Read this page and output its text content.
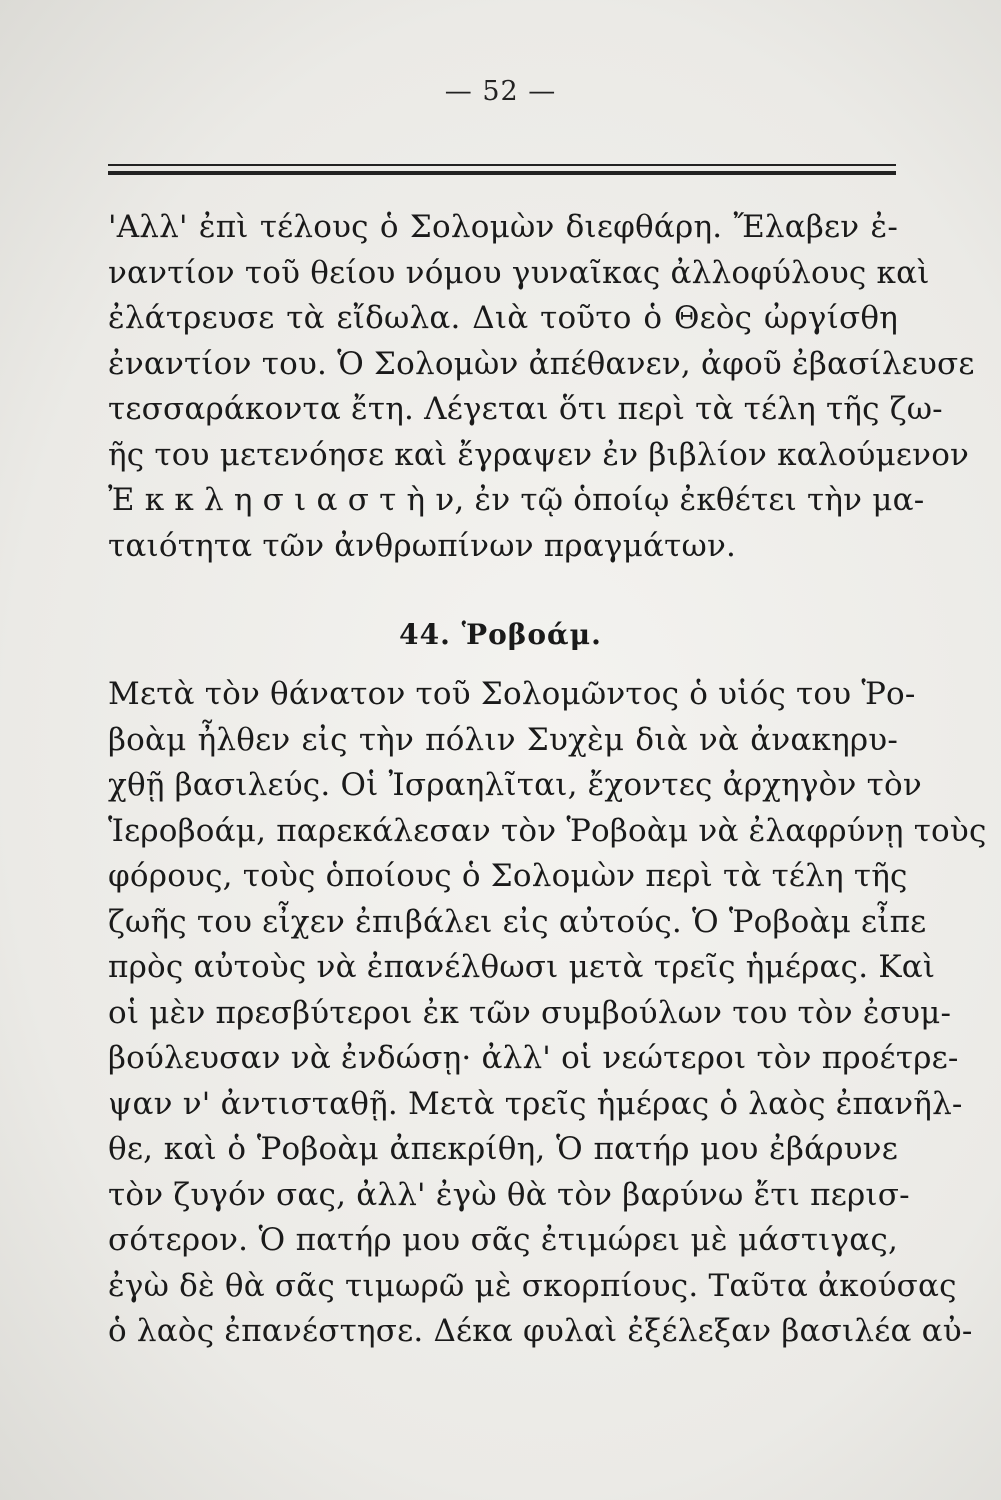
— 52 —
'Αλλ' ἐπὶ τέλους ὁ Σολομὼν διεφθάρη. Ἔλαβεν ἐ-
ναντίον τοῦ θείου νόμου γυναῖκας ἀλλοφύλους καὶ
ἐλάτρευσε τὰ εἴδωλα. Διὰ τοῦτο ὁ Θεὸς ὠργίσθη
ἐναντίον του. Ὁ Σολομὼν ἀπέθανεν, ἀφοῦ ἐβασίλευσε
τεσσαράκοντα ἔτη. Λέγεται ὅτι περὶ τὰ τέλη τῆς ζω-
ῆς του μετενόησε καὶ ἔγραψεν ἐν βιβλίον καλούμενον
Ἐ κ κ λ η σ ι α σ τ ὴ ν, ἐν τῷ ὁποίῳ ἐκθέτει τὴν μα-
ταιότητα τῶν ἀνθρωπίνων πραγμάτων.
44. Ῥοβοάμ.
Μετὰ τὸν θάνατον τοῦ Σολομῶντος ὁ υἱός του Ῥο-
βοὰμ ἦλθεν εἰς τὴν πόλιν Συχὲμ διὰ νὰ ἀνακηρυ-
χθῇ βασιλεύς. Οἱ Ἰσραηλῖται, ἔχοντες ἀρχηγὸν τὸν
Ἱεροβοάμ, παρεκάλεσαν τὸν Ῥοβοὰμ νὰ ἐλαφρύνῃ τοὺς
φόρους, τοὺς ὁποίους ὁ Σολομὼν περὶ τὰ τέλη τῆς
ζωῆς του εἶχεν ἐπιβάλει εἰς αὐτούς. Ὁ Ῥοβοὰμ εἶπε
πρὸς αὐτοὺς νὰ ἐπανέλθωσι μετὰ τρεῖς ἡμέρας. Καὶ
οἱ μὲν πρεσβύτεροι ἐκ τῶν συμβούλων του τὸν ἐσυμ-
βούλευσαν νὰ ἐνδώσῃ· ἀλλ' οἱ νεώτεροι τὸν προέτρε-
ψαν ν' ἀντισταθῇ. Μετὰ τρεῖς ἡμέρας ὁ λαὸς ἐπανῆλ-
θε, καὶ ὁ Ῥοβοὰμ ἀπεκρίθη, Ὁ πατήρ μου ἐβάρυνε
τὸν ζυγόν σας, ἀλλ' ἐγὼ θὰ τὸν βαρύνω ἔτι περισ-
σότερον. Ὁ πατήρ μου σᾶς ἐτιμώρει μὲ μάστιγας,
ἐγὼ δὲ θὰ σᾶς τιμωρῶ μὲ σκορπίους. Ταῦτα ἀκούσας
ὁ λαὸς ἐπανέστησε. Δέκα φυλαὶ ἐξέλεξαν βασιλέα αὐ-
